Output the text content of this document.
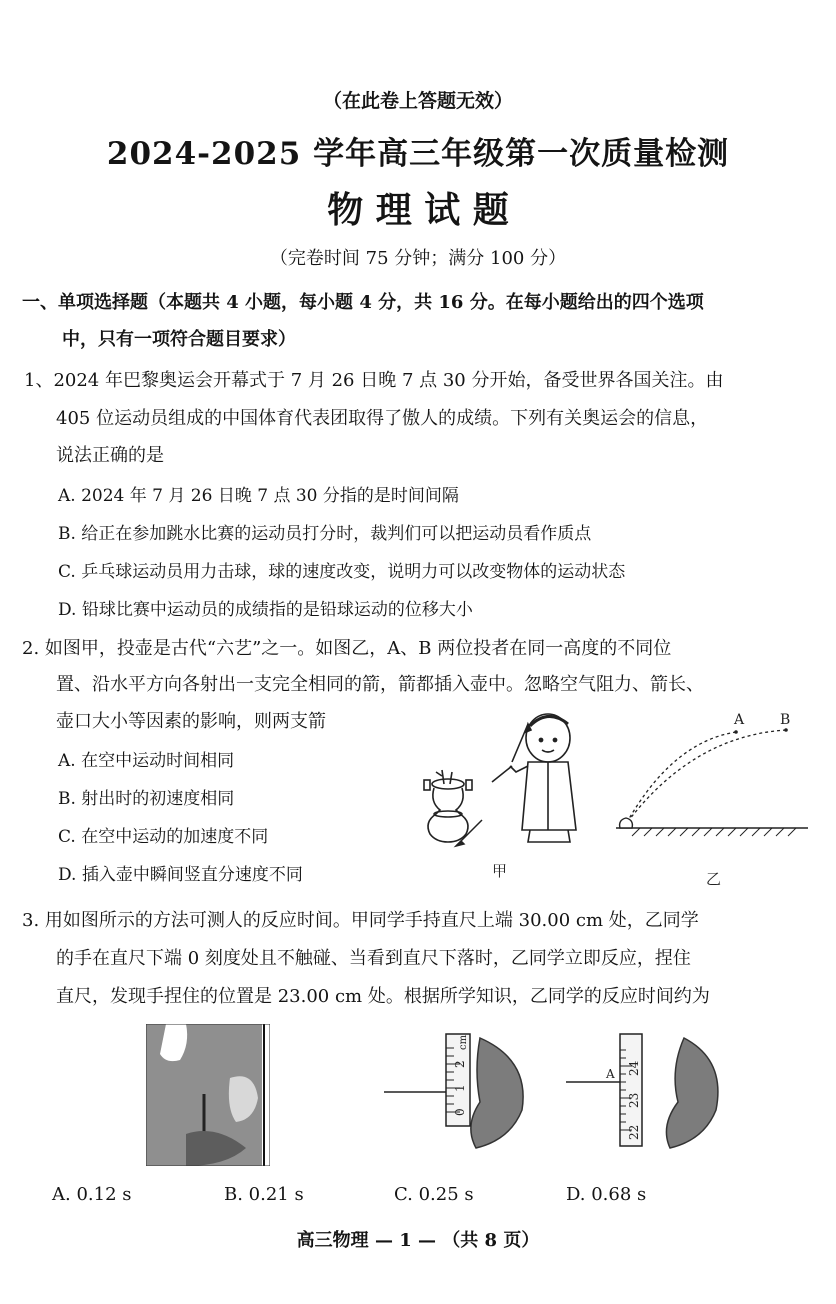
（在此卷上答题无效）
2024-2025 学年高三年级第一次质量检测
物 理 试 题
（完卷时间 75 分钟；满分 100 分）
一、单项选择题（本题共 4 小题，每小题 4 分，共 16 分。在每小题给出的四个选项
中，只有一项符合题目要求）
1、2024 年巴黎奥运会开幕式于 7 月 26 日晚 7 点 30 分开始，备受世界各国关注。由
405 位运动员组成的中国体育代表团取得了傲人的成绩。下列有关奥运会的信息，
说法正确的是
A. 2024 年 7 月 26 日晚 7 点 30 分指的是时间间隔
B. 给正在参加跳水比赛的运动员打分时，裁判们可以把运动员看作质点
C. 乒乓球运动员用力击球，球的速度改变，说明力可以改变物体的运动状态
D. 铅球比赛中运动员的成绩指的是铅球运动的位移大小
2. 如图甲，投壶是古代“六艺”之一。如图乙，A、B 两位投者在同一高度的不同位
置、沿水平方向各射出一支完全相同的箭，箭都插入壶中。忽略空气阻力、箭长、
壶口大小等因素的影响，则两支箭
A. 在空中运动时间相同
B. 射出时的初速度相同
C. 在空中运动的加速度不同
D. 插入壶中瞬间竖直分速度不同	甲
A	B
乙
3. 用如图所示的方法可测人的反应时间。甲同学手持直尺上端 30.00 cm 处，乙同学
的手在直尺下端 0 刻度处且不触碰、当看到直尺下落时，乙同学立即反应，捏住
直尺，发现手捏住的位置是 23.00 cm 处。根据所学知识，乙同学的反应时间约为
0
1
2
cm
22
23
24
A
A. 0.12 s	B. 0.21 s	C. 0.25 s	D. 0.68 s
高三物理 — 1 — （共 8 页）
